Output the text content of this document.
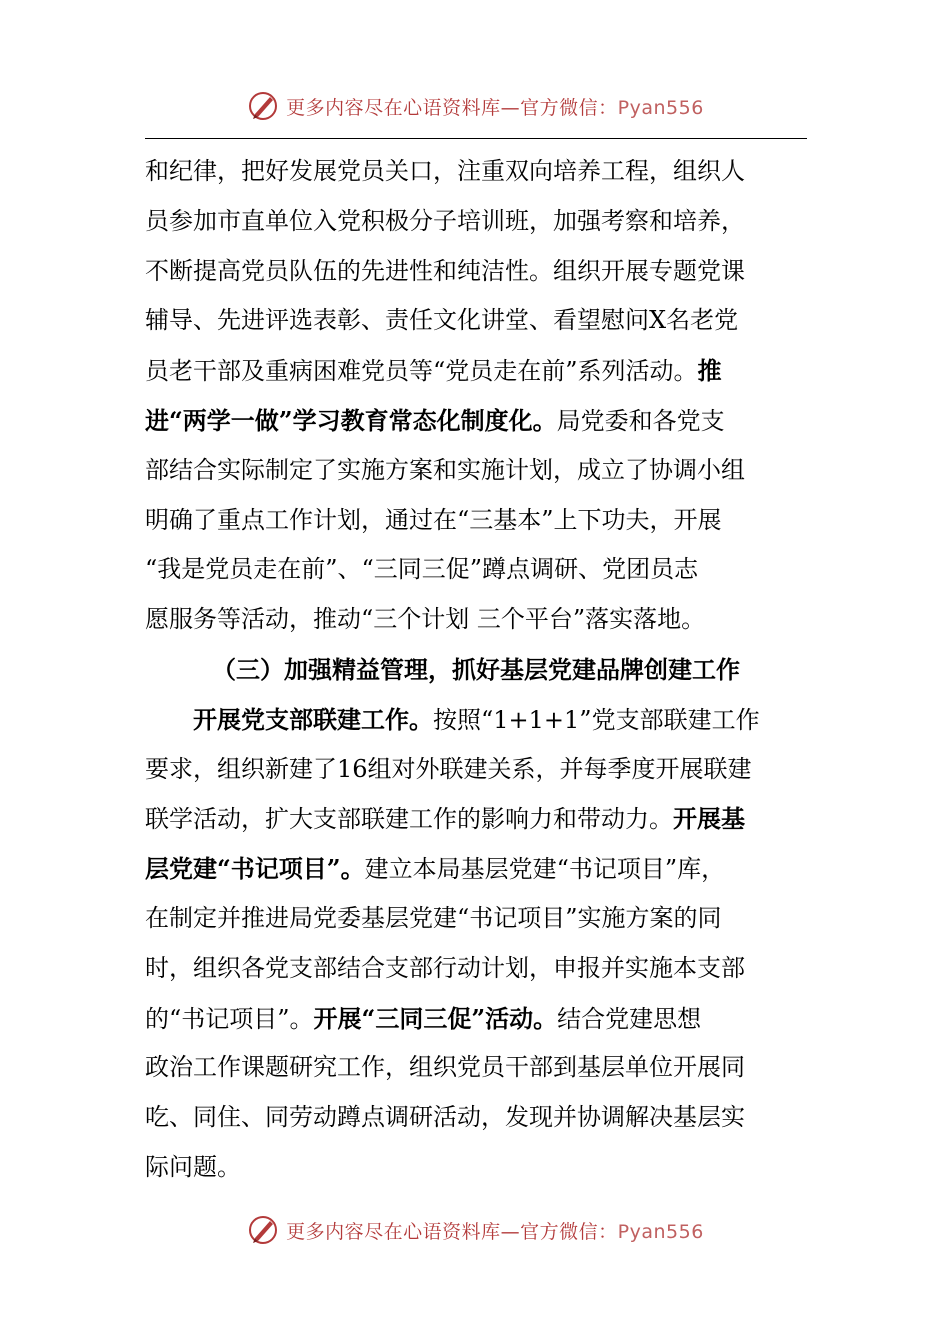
更多内容尽在心语资料库—官方微信：Pyan556
和纪律，把好发展党员关口，注重双向培养工程，组织人
员参加市直单位入党积极分子培训班，加强考察和培养，
不断提高党员队伍的先进性和纯洁性。组织开展专题党课
辅导、先进评选表彰、责任文化讲堂、看望慰问X名老党
员老干部及重病困难党员等“党员走在前”系列活动。推
进“两学一做”学习教育常态化制度化。局党委和各党支
部结合实际制定了实施方案和实施计划，成立了协调小组
明确了重点工作计划，通过在“三基本”上下功夫，开展
“我是党员走在前”、“三同三促”蹲点调研、党团员志
愿服务等活动，推动“三个计划 三个平台”落实落地。
（三）加强精益管理，抓好基层党建品牌创建工作
开展党支部联建工作。按照“1+1+1”党支部联建工作
要求，组织新建了16组对外联建关系，并每季度开展联建
联学活动，扩大支部联建工作的影响力和带动力。开展基
层党建“书记项目”。建立本局基层党建“书记项目”库，
在制定并推进局党委基层党建“书记项目”实施方案的同
时，组织各党支部结合支部行动计划，申报并实施本支部
的“书记项目”。开展“三同三促”活动。结合党建思想
政治工作课题研究工作，组织党员干部到基层单位开展同
吃、同住、同劳动蹲点调研活动，发现并协调解决基层实
际问题。
更多内容尽在心语资料库—官方微信：Pyan556
